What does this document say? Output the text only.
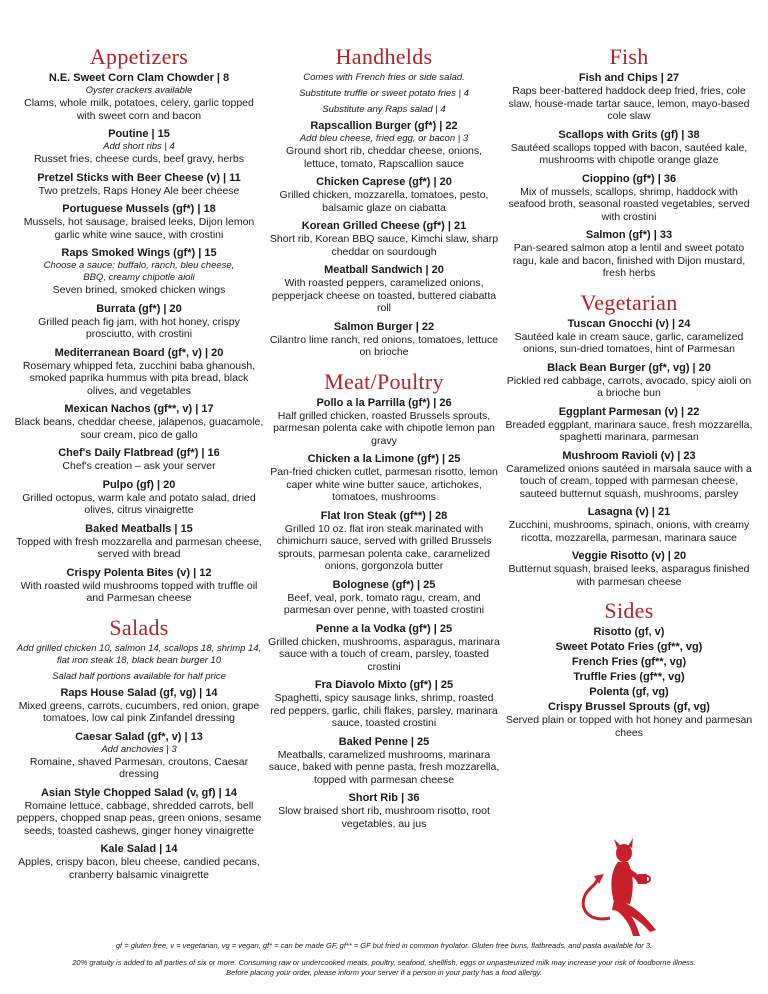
Appetizers
N.E. Sweet Corn Clam Chowder | 8
Oyster crackers available
Clams, whole milk, potatoes, celery, garlic topped with sweet corn and bacon
Poutine | 15
Add short ribs | 4
Russet fries, cheese curds, beef gravy, herbs
Pretzel Sticks with Beer Cheese (v) | 11
Two pretzels, Raps Honey Ale beer cheese
Portuguese Mussels (gf*) | 18
Mussels, hot sausage, braised leeks, Dijon lemon garlic white wine sauce, with crostini
Raps Smoked Wings (gf*) | 15
Choose a sauce: buffalo, ranch, bleu cheese,
BBQ, creamy chipotle aioli
Seven brined, smoked chicken wings
Burrata (gf*) | 20
Grilled peach fig jam, with hot honey, crispy prosciutto, with crostini
Mediterranean Board (gf*, v) | 20
Rosemary whipped feta, zucchini baba ghanoush, smoked paprika hummus with pita bread, black olives, and vegetables
Mexican Nachos (gf**, v) | 17
Black beans, cheddar cheese, jalapenos, guacamole, sour cream, pico de gallo
Chef's Daily Flatbread (gf*) | 16
Chef's creation – ask your server
Pulpo (gf) | 20
Grilled octopus, warm kale and potato salad, dried olives, citrus vinaigrette
Baked Meatballs | 15
Topped with fresh mozzarella and parmesan cheese, served with bread
Crispy Polenta Bites (v) | 12
With roasted wild mushrooms topped with truffle oil and Parmesan cheese
Salads
Add grilled chicken 10, salmon 14, scallops 18, shrimp 14, flat iron steak 18, black bean burger 10
Salad half portions available for half price
Raps House Salad (gf, vg) | 14
Mixed greens, carrots, cucumbers, red onion, grape tomatoes, low cal pink Zinfandel dressing
Caesar Salad (gf*, v) | 13
Add anchovies | 3
Romaine, shaved Parmesan, croutons, Caesar dressing
Asian Style Chopped Salad (v, gf) | 14
Romaine lettuce, cabbage, shredded carrots, bell peppers, chopped snap peas, green onions, sesame seeds, toasted cashews, ginger honey vinaigrette
Kale Salad | 14
Apples, crispy bacon, bleu cheese, candied pecans, cranberry balsamic vinaigrette
Handhelds
Comes with French fries or side salad.
Substitute truffle or sweet potato fries | 4
Substitute any Raps salad | 4
Rapscallion Burger (gf*) | 22
Add bleu cheese, fried egg, or bacon | 3
Ground short rib, cheddar cheese, onions, lettuce, tomato, Rapscallion sauce
Chicken Caprese (gf*) | 20
Grilled chicken, mozzarella, tomatoes, pesto, balsamic glaze on ciabatta
Korean Grilled Cheese (gf*) | 21
Short rib, Korean BBQ sauce, Kimchi slaw, sharp cheddar on sourdough
Meatball Sandwich | 20
With roasted peppers, caramelized onions, pepperjack cheese on toasted, buttered ciabatta roll
Salmon Burger | 22
Cilantro lime ranch, red onions, tomatoes, lettuce on brioche
Meat/Poultry
Pollo a la Parrilla (gf*) | 26
Half grilled chicken, roasted Brussels sprouts, parmesan polenta cake with chipotle lemon pan gravy
Chicken a la Limone (gf*) | 25
Pan-fried chicken cutlet, parmesan risotto, lemon caper white wine butter sauce, artichokes, tomatoes, mushrooms
Flat Iron Steak (gf**) | 28
Grilled 10 oz. flat iron steak marinated with chimichurri sauce, served with grilled Brussels sprouts, parmesan polenta cake, caramelized onions, gorgonzola butter
Bolognese (gf*) | 25
Beef, veal, pork, tomato ragu, cream, and parmesan over penne, with toasted crostini
Penne a la Vodka (gf*) | 25
Grilled chicken, mushrooms, asparagus, marinara sauce with a touch of cream, parsley, toasted crostini
Fra Diavolo Mixto (gf*) | 25
Spaghetti, spicy sausage links, shrimp, roasted red peppers, garlic, chili flakes, parsley, marinara sauce, toasted crostini
Baked Penne | 25
Meatballs, caramelized mushrooms, marinara sauce, baked with penne pasta, fresh mozzarella, topped with parmesan cheese
Short Rib | 36
Slow braised short rib, mushroom risotto, root vegetables, au jus
Fish
Fish and Chips | 27
Raps beer-battered haddock deep fried, fries, cole slaw, house-made tartar sauce, lemon, mayo-based cole slaw
Scallops with Grits (gf) | 38
Sautéed scallops topped with bacon, sautéed kale, mushrooms with chipotle orange glaze
Cioppino (gf*) | 36
Mix of mussels, scallops, shrimp, haddock with seafood broth, seasonal roasted vegetables, served with crostini
Salmon (gf*) | 33
Pan-seared salmon atop a lentil and sweet potato ragu, kale and bacon, finished with Dijon mustard, fresh herbs
Vegetarian
Tuscan Gnocchi (v) | 24
Sautéed kale in cream sauce, garlic, caramelized onions, sun-dried tomatoes, hint of Parmesan
Black Bean Burger (gf*, vg) | 20
Pickled red cabbage, carrots, avocado, spicy aioli on a brioche bun
Eggplant Parmesan (v) | 22
Breaded eggplant, marinara sauce, fresh mozzarella, spaghetti marinara, parmesan
Mushroom Ravioli (v) | 23
Caramelized onions sautéed in marsala sauce with a touch of cream, topped with parmesan cheese, sauteed butternut squash, mushrooms, parsley
Lasagna (v) | 21
Zucchini, mushrooms, spinach, onions, with creamy ricotta, mozzarella, parmesan, marinara sauce
Veggie Risotto (v) | 20
Butternut squash, braised leeks, asparagus finished with parmesan cheese
Sides
Risotto (gf, v)
Sweet Potato Fries (gf**, vg)
French Fries (gf**, vg)
Truffle Fries (gf**, vg)
Polenta (gf, vg)
Crispy Brussel Sprouts (gf, vg)
Served plain or topped with hot honey and parmesan chees
gf = gluten free, v = vegetarian, vg = vegan, gf* = can be made GF, gf** = GF but fried in common fryolator. Gluten free buns, flatbreads, and pasta available for 3.
20% gratuity is added to all parties of six or more. Consuming raw or undercooked meats, poultry, seafood, shellfish, eggs or unpasteurized milk may increase your risk of foodborne illness.
Before placing your order, please inform your server if a person in your party has a food allergy.
